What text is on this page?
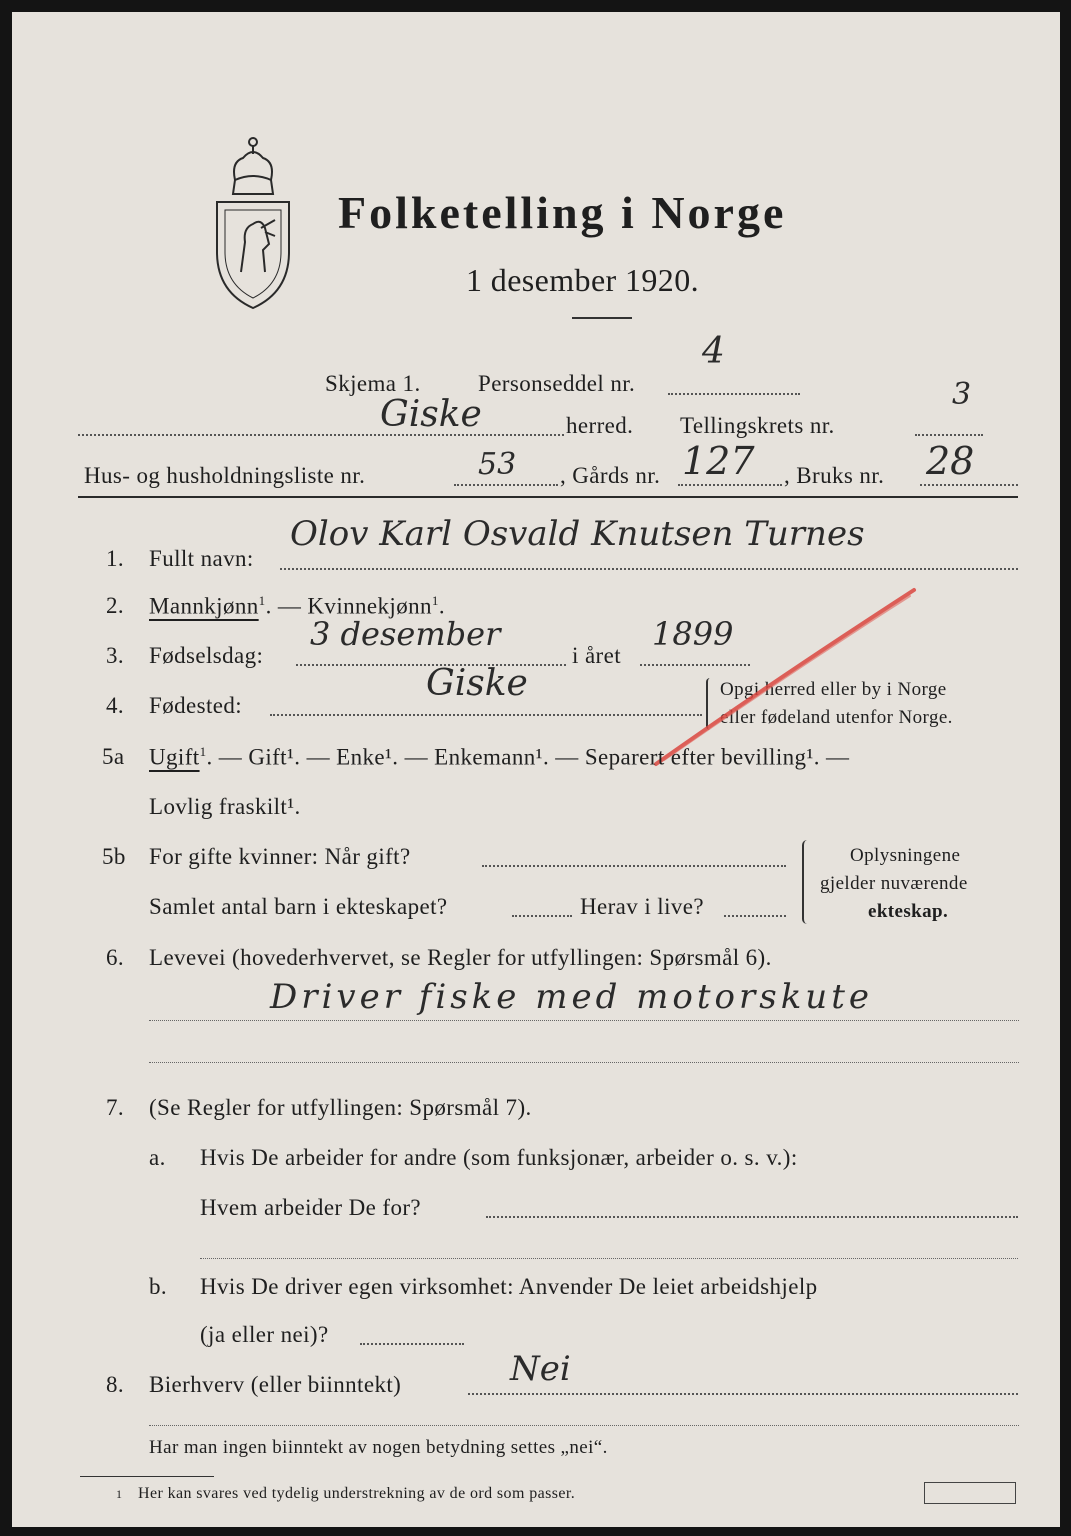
Folketelling i Norge
1 desember 1920.
Skjema 1. Personseddel nr.
4
Giske	herred. Tellingskrets nr.
3
Hus- og husholdningsliste nr.	53 , Gårds nr. 127 , Bruks nr. 28
1. Fullt navn:
Olov Karl Osvald Knutsen Turnes
2. Mannkjønn$^1$. — Kvinnekjønn$^1$.
3. Fødselsdag:
3 desember
i året
1899
4. Fødested:
Giske	Opgi herred eller by i Norge
eller fødeland utenfor Norge.
5a Ugift$^1$. — Gift¹. — Enke¹. — Enkemann¹. — Separert efter bevilling¹. —
Lovlig fraskilt¹.
5b For gifte kvinner: Når gift?
Samlet antal barn i ekteskapet?	Herav i live?
Oplysningene
gjelder nuværende
ekteskap.
6. Levevei (hovederhvervet, se Regler for utfyllingen: Spørsmål 6).
Driver fiske med motorskute
7. (Se Regler for utfyllingen: Spørsmål 7).
a. Hvis De arbeider for andre (som funksjonær, arbeider o. s. v.):
Hvem arbeider De for?
b. Hvis De driver egen virksomhet: Anvender De leiet arbeidshjelp
(ja eller nei)?
8. Bierhverv (eller biinntekt)	Nei
Har man ingen biinntekt av nogen betydning settes „nei“.
1 Her kan svares ved tydelig understrekning av de ord som passer.
